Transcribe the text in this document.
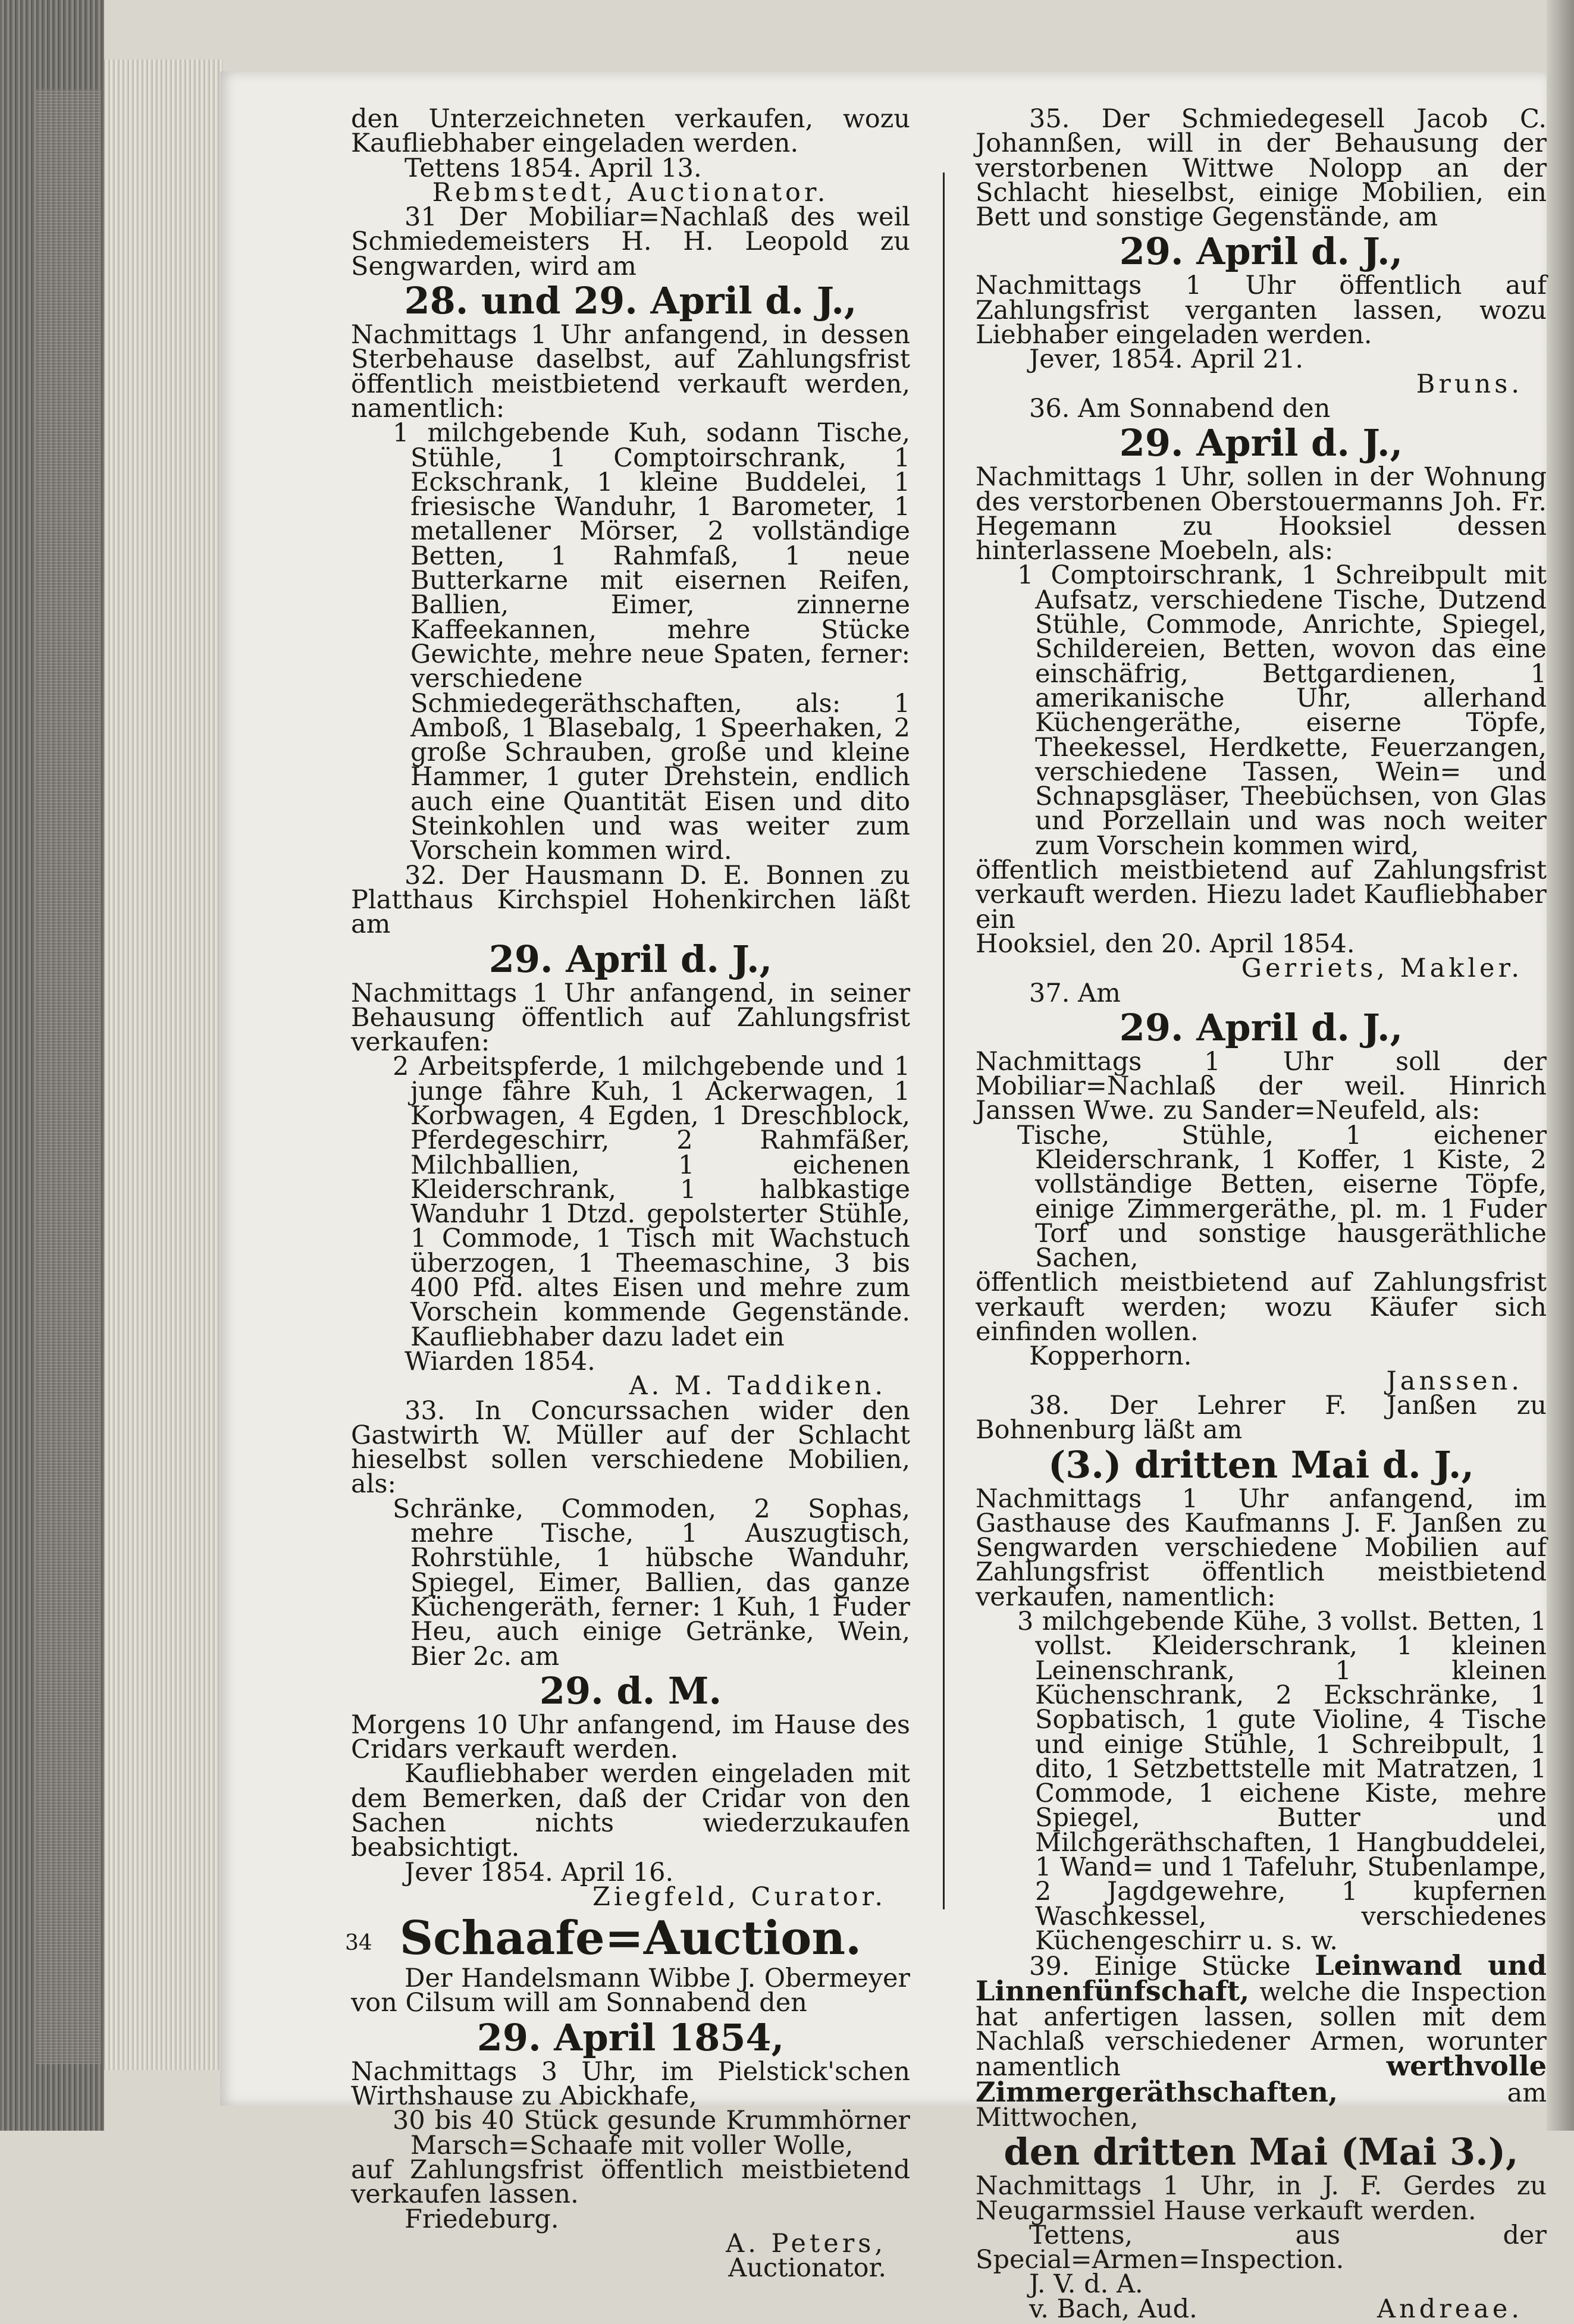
den Unterzeichneten verkaufen, wozu Kaufliebhaber eingeladen werden.

Tettens 1854. April 13.

Rebmstedt, Auctionator.

31 Der Mobiliar=Nachlaß des weil Schmiedemeisters H. H. Leopold zu Sengwarden, wird am

28. und 29. April d. J.,

Nachmittags 1 Uhr anfangend, in dessen Sterbehause daselbst, auf Zahlungsfrist öffentlich meistbietend verkauft werden, namentlich:

1 milchgebende Kuh, sodann Tische, Stühle, 1 Comptoirschrank, 1 Eckschrank, 1 kleine Buddelei, 1 friesische Wanduhr, 1 Barometer, 1 metallener Mörser, 2 vollständige Betten, 1 Rahmfaß, 1 neue Butterkarne mit eisernen Reifen, Ballien, Eimer, zinnerne Kaffeekannen, mehre Stücke Gewichte, mehre neue Spaten, ferner: verschiedene Schmiedegeräthschaften, als: 1 Amboß, 1 Blasebalg, 1 Speerhaken, 2 große Schrauben, große und kleine Hammer, 1 guter Drehstein, endlich auch eine Quantität Eisen und dito Steinkohlen und was weiter zum Vorschein kommen wird.

32. Der Hausmann D. E. Bonnen zu Platthaus Kirchspiel Hohenkirchen läßt am

29. April d. J.,

Nachmittags 1 Uhr anfangend, in seiner Behausung öffentlich auf Zahlungsfrist verkaufen:

2 Arbeitspferde, 1 milchgebende und 1 junge fähre Kuh, 1 Ackerwagen, 1 Korbwagen, 4 Egden, 1 Dreschblock, Pferdegeschirr, 2 Rahmfäßer, Milchballien, 1 eichenen Kleiderschrank, 1 halbkastige Wanduhr 1 Dtzd. gepolsterter Stühle, 1 Commode, 1 Tisch mit Wachstuch überzogen, 1 Theemaschine, 3 bis 400 Pfd. altes Eisen und mehre zum Vorschein kommende Gegenstände. Kaufliebhaber dazu ladet ein

Wiarden 1854.

A. M. Taddiken.

33. In Concurssachen wider den Gastwirth W. Müller auf der Schlacht hieselbst sollen verschiedene Mobilien, als:

Schränke, Commoden, 2 Sophas, mehre Tische, 1 Auszugtisch, Rohrstühle, 1 hübsche Wanduhr, Spiegel, Eimer, Ballien, das ganze Küchengeräth, ferner: 1 Kuh, 1 Fuder Heu, auch einige Getränke, Wein, Bier 2c. am

29. d. M.

Morgens 10 Uhr anfangend, im Hause des Cridars verkauft werden.

Kaufliebhaber werden eingeladen mit dem Bemerken, daß der Cridar von den Sachen nichts wiederzukaufen beabsichtigt.

Jever 1854. April 16.

Ziegfeld, Curator.

34 Schaafe=Auction.

Der Handelsmann Wibbe J. Obermeyer von Cilsum will am Sonnabend den

29. April 1854,

Nachmittags 3 Uhr, im Pielstick'schen Wirthshause zu Abickhafe,

30 bis 40 Stück gesunde Krummhörner Marsch=Schaafe mit voller Wolle,

auf Zahlungsfrist öffentlich meistbietend verkaufen lassen.

Friedeburg.

A. Peters,

Auctionator.

35. Der Schmiedegesell Jacob C. Johannßen, will in der Behausung der verstorbenen Wittwe Nolopp an der Schlacht hieselbst, einige Mobilien, ein Bett und sonstige Gegenstände, am

29. April d. J.,

Nachmittags 1 Uhr öffentlich auf Zahlungsfrist verganten lassen, wozu Liebhaber eingeladen werden.

Jever, 1854. April 21.

Bruns.

36. Am Sonnabend den

29. April d. J.,

Nachmittags 1 Uhr, sollen in der Wohnung des verstorbenen Oberstouermanns Joh. Fr. Hegemann zu Hooksiel dessen hinterlassene Moebeln, als:

1 Comptoirschrank, 1 Schreibpult mit Aufsatz, verschiedene Tische, Dutzend Stühle, Commode, Anrichte, Spiegel, Schildereien, Betten, wovon das eine einschäfrig, Bettgardienen, 1 amerikanische Uhr, allerhand Küchengeräthe, eiserne Töpfe, Theekessel, Herdkette, Feuerzangen, verschiedene Tassen, Wein= und Schnapsgläser, Theebüchsen, von Glas und Porzellain und was noch weiter zum Vorschein kommen wird,

öffentlich meistbietend auf Zahlungsfrist verkauft werden. Hiezu ladet Kaufliebhaber ein

Hooksiel, den 20. April 1854.

Gerriets, Makler.

37. Am

29. April d. J.,

Nachmittags 1 Uhr soll der Mobiliar=Nachlaß der weil. Hinrich Janssen Wwe. zu Sander=Neufeld, als:

Tische, Stühle, 1 eichener Kleiderschrank, 1 Koffer, 1 Kiste, 2 vollständige Betten, eiserne Töpfe, einige Zimmergeräthe, pl. m. 1 Fuder Torf und sonstige hausgeräthliche Sachen,

öffentlich meistbietend auf Zahlungsfrist verkauft werden; wozu Käufer sich einfinden wollen.

Kopperhorn.

Janssen.

38. Der Lehrer F. Janßen zu Bohnenburg läßt am

(3.) dritten Mai d. J.,

Nachmittags 1 Uhr anfangend, im Gasthause des Kaufmanns J. F. Janßen zu Sengwarden verschiedene Mobilien auf Zahlungsfrist öffentlich meistbietend verkaufen, namentlich:

3 milchgebende Kühe, 3 vollst. Betten, 1 vollst. Kleiderschrank, 1 kleinen Leinenschrank, 1 kleinen Küchenschrank, 2 Eckschränke, 1 Sopbatisch, 1 gute Violine, 4 Tische und einige Stühle, 1 Schreibpult, 1 dito, 1 Setzbettstelle mit Matratzen, 1 Commode, 1 eichene Kiste, mehre Spiegel, Butter und Milchgeräthschaften, 1 Hangbuddelei, 1 Wand= und 1 Tafeluhr, Stubenlampe, 2 Jagdgewehre, 1 kupfernen Waschkessel, verschiedenes Küchengeschirr u. s. w.

39. Einige Stücke Leinwand und Linnenfünfschaft, welche die Inspection hat anfertigen lassen, sollen mit dem Nachlaß verschiedener Armen, worunter namentlich	werthvolle Zimmergeräthschaften,	am Mittwochen,

den dritten Mai (Mai 3.),

Nachmittags 1 Uhr, in J. F. Gerdes zu Neugarmssiel Hause verkauft werden.

Tettens, aus der Special=Armen=Inspection.

J. V. d. A.

v. Bach, Aud.	Andreae.
